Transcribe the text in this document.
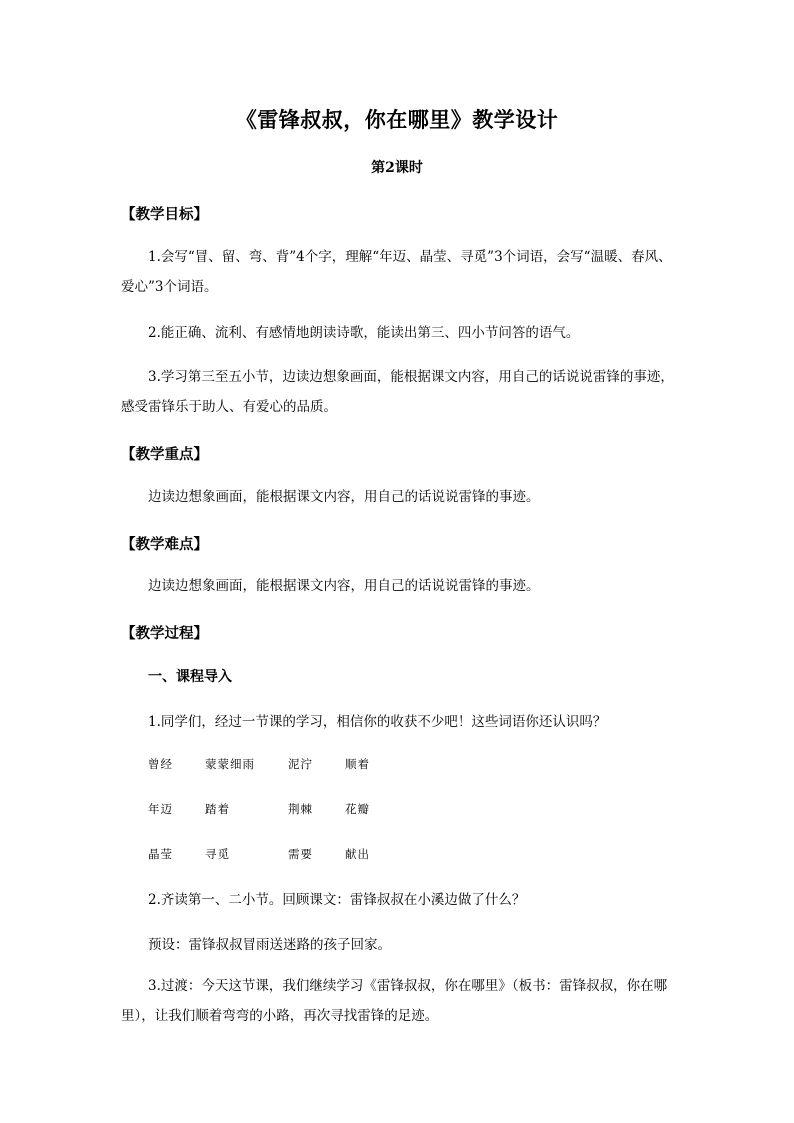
《雷锋叔叔，你在哪里》教学设计
第2课时
【教学目标】
1.会写“冒、留、弯、背”4个字，理解“年迈、晶莹、寻觅”3个词语，会写“温暖、春风、爱心”3个词语。
2.能正确、流利、有感情地朗读诗歌，能读出第三、四小节问答的语气。
3.学习第三至五小节，边读边想象画面，能根据课文内容，用自己的话说说雷锋的事迹，感受雷锋乐于助人、有爱心的品质。
【教学重点】
边读边想象画面，能根据课文内容，用自己的话说说雷锋的事迹。
【教学难点】
边读边想象画面，能根据课文内容，用自己的话说说雷锋的事迹。
【教学过程】
一、课程导入
1.同学们，经过一节课的学习，相信你的收获不少吧！这些词语你还认识吗？
曾经	蒙蒙细雨	泥泞	顺着
年迈	踏着	荆棘	花瓣
晶莹	寻觅	需要	献出
2.齐读第一、二小节。回顾课文：雷锋叔叔在小溪边做了什么？
预设：雷锋叔叔冒雨送迷路的孩子回家。
3.过渡：今天这节课，我们继续学习《雷锋叔叔，你在哪里》（板书：雷锋叔叔，你在哪里），让我们顺着弯弯的小路，再次寻找雷锋的足迹。
